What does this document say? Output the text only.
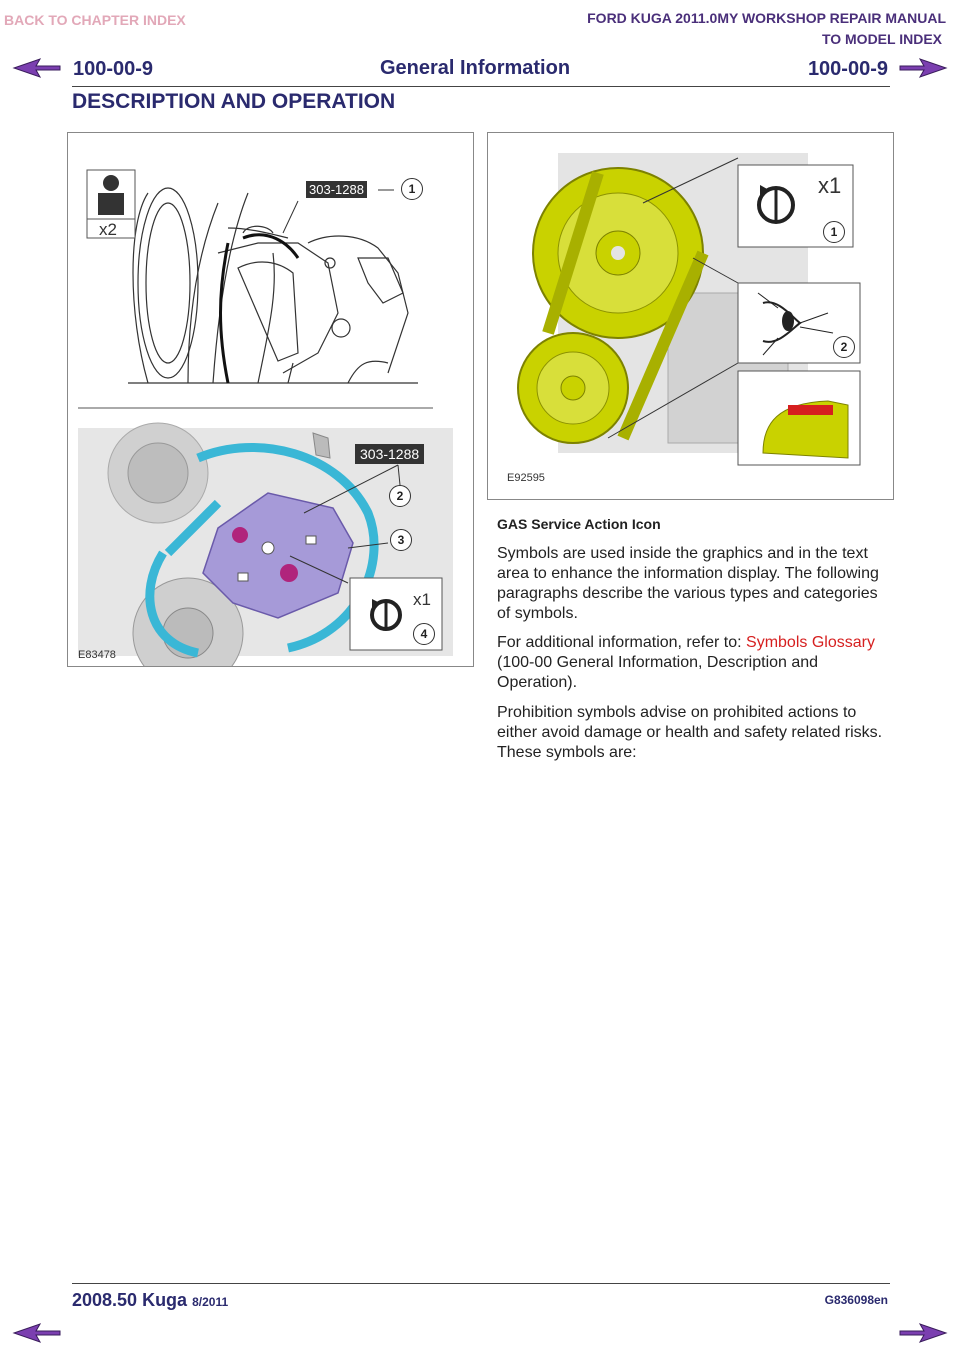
BACK TO CHAPTER INDEX	FORD KUGA 2011.0MY WORKSHOP REPAIR MANUAL
TO MODEL INDEX
100-00-9	General Information	100-00-9
DESCRIPTION AND OPERATION
303-1288
303-1288
x2
x1
1
2
3
4
E83478
x1
1
2
E92595
GAS Service Action Icon
Symbols are used inside the graphics and in the text area to enhance the information display. The following paragraphs describe the various types and categories of symbols.
For additional information, refer to: Symbols Glossary (100-00 General Information, Description and Operation).
Prohibition symbols advise on prohibited actions to either avoid damage or health and safety related risks. These symbols are:
2008.50 Kuga 8/2011	G836098en
